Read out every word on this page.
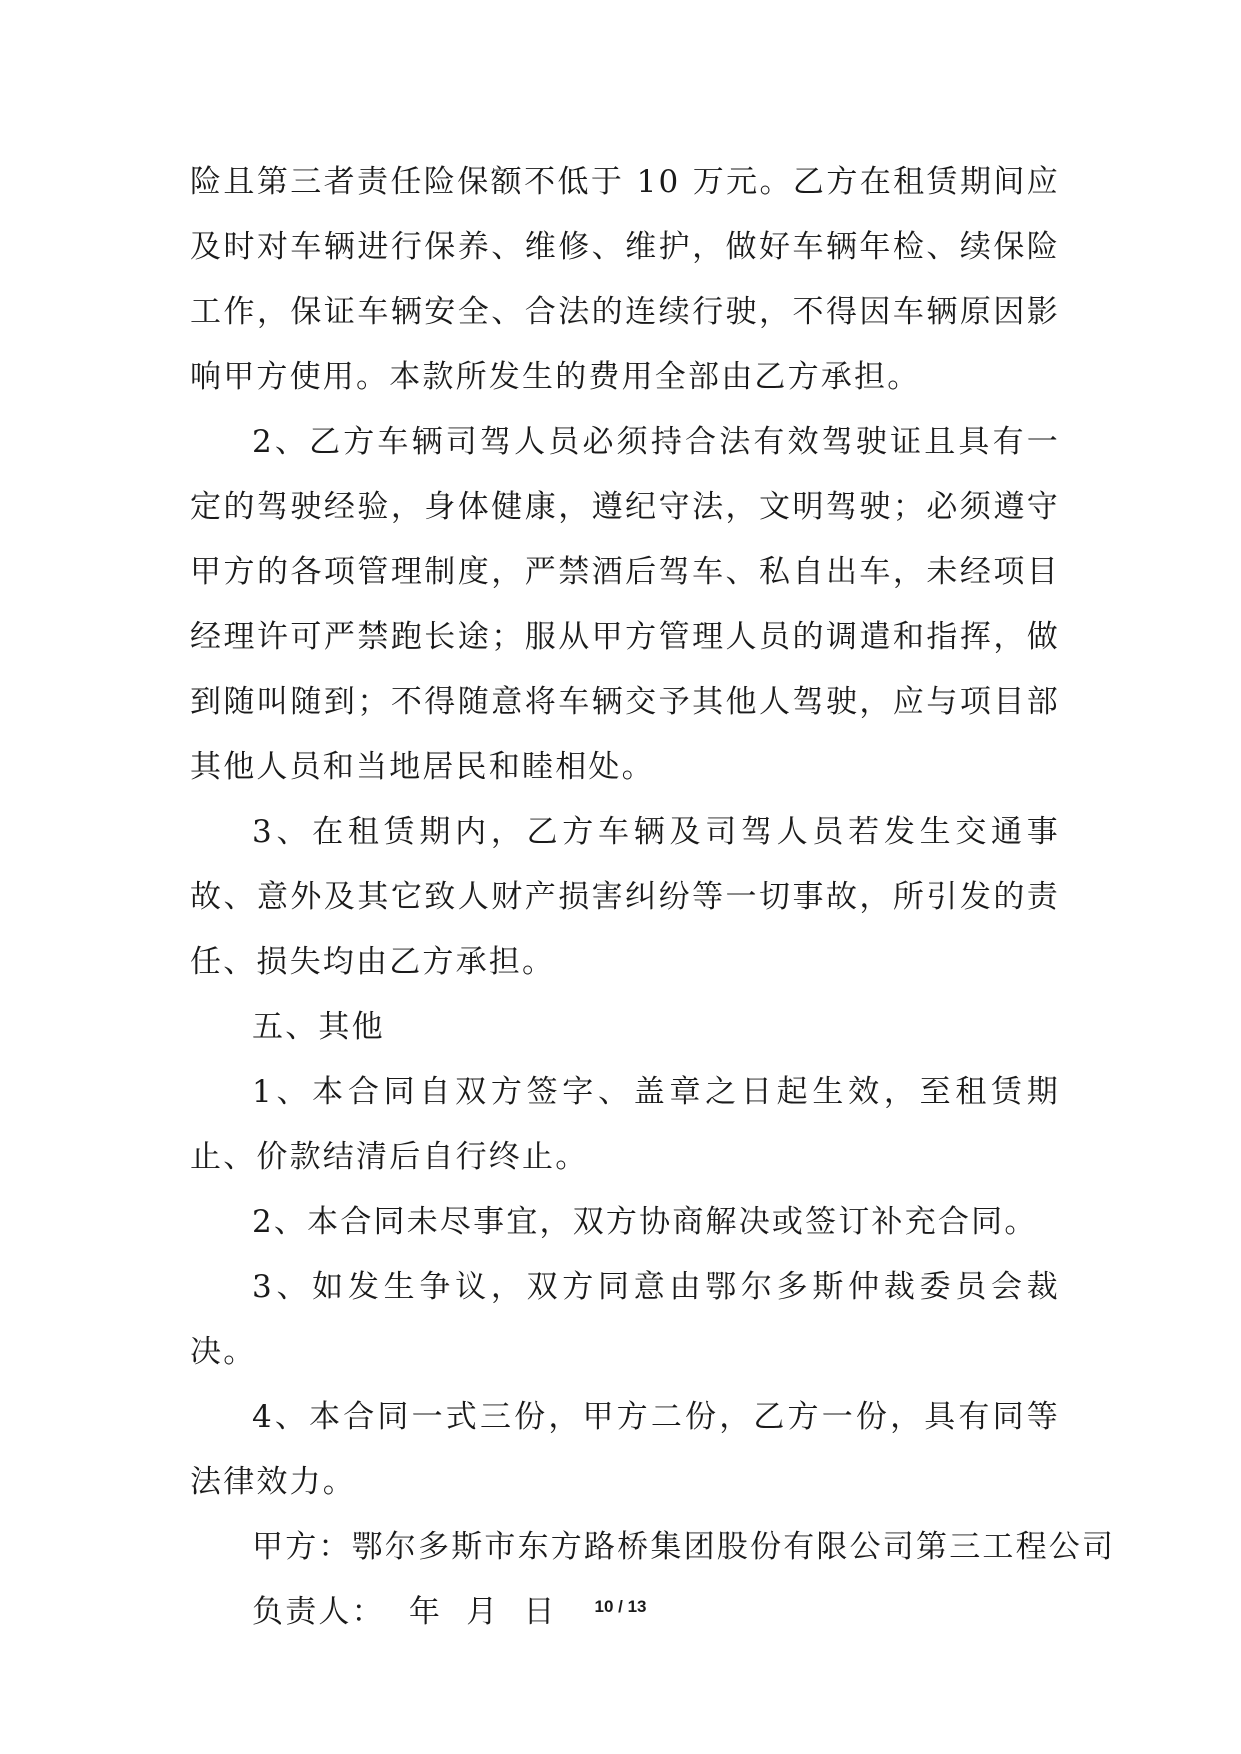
险且第三者责任险保额不低于 10 万元。乙方在租赁期间应及时对车辆进行保养、维修、维护，做好车辆年检、续保险工作，保证车辆安全、合法的连续行驶，不得因车辆原因影响甲方使用。本款所发生的费用全部由乙方承担。

2、乙方车辆司驾人员必须持合法有效驾驶证且具有一定的驾驶经验，身体健康，遵纪守法，文明驾驶；必须遵守甲方的各项管理制度，严禁酒后驾车、私自出车，未经项目经理许可严禁跑长途；服从甲方管理人员的调遣和指挥，做到随叫随到；不得随意将车辆交予其他人驾驶，应与项目部其他人员和当地居民和睦相处。

3、在租赁期内，乙方车辆及司驾人员若发生交通事故、意外及其它致人财产损害纠纷等一切事故，所引发的责任、损失均由乙方承担。

五、其他

1、本合同自双方签字、盖章之日起生效，至租赁期止、价款结清后自行终止。

2、本合同未尽事宜，双方协商解决或签订补充合同。

3、如发生争议，双方同意由鄂尔多斯仲裁委员会裁决。

4、本合同一式三份，甲方二份，乙方一份，具有同等法律效力。

甲方：鄂尔多斯市东方路桥集团股份有限公司第三工程公司

负责人：  年  月  日	10 / 13
